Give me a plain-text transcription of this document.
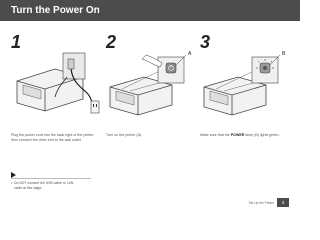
Turn the Power On
1
Plug the power cord into the back right of the printer, then connect the other end to the wall outlet.
2
A
Turn on the printer (A).
3
B
Make sure that the POWER lamp (B) lights green.
• Do NOT connect the USB cable or LAN cable at this stage.
Set Up the Printer	3
